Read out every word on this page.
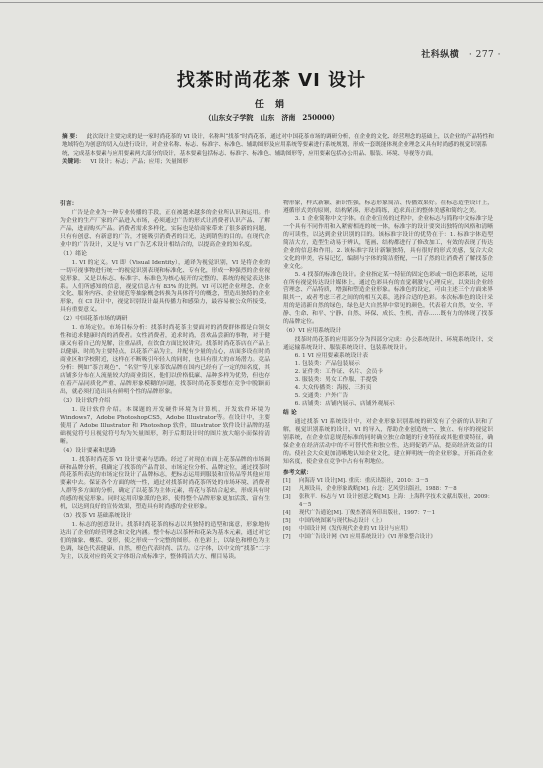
社科纵横 · 277 ·
找茶时尚花茶 VI 设计
任 娟
（山东女子学院　山东　济南　250000）
摘 要： 此次设计主要完成的是一家时尚花茶的 VI 设计，名称叫“找茶”时尚花茶，通过对中国花茶市场的调研分析，在企业的文化、经营理念的基础上，以企业的产品特性和地域特色为创意的切入点进行设计，对企业名称、标志、标准字、标准色、辅助图形及应用系统等要素进行系统规划，形成一套既能体现企业理念又具有时尚感的视觉识别系统，完成基本要素与应用要素两大部分的设计，基本要素包括标志、标准字、标准色、辅助图形等，应用要素包括办公用品、服装、环境、导视等方面。
关键词： VI 设计；标志；产品；应用；矢量图形

引言：

广告是企业为一种专业传播的手段，正在被越来越多的企业所认识和运用。作为企业的生产厂家的产品进入市场，必须通过广告的形式让消费者认识产品、了解产品，进而购买产品。消费者需求多样化，实际也是给商家带来了很多新的问题，只有有创意、有新意的广告，才能吸引消费者的目光，达到销售的目的。在现代企业中的广告设计，又是与 VI 广告艺术设计相结合的，以提高企业的知名度。

（1）绪论

1. VI 的定义。VI 即（Visual Identity），通译为视觉识别，VI 是将企业的一切可视事物进行统一的视觉识别表现和标准化、专有化，形成一种强烈的企业视觉形象，又是以标志、标准字、标准色为核心展开的完整的、系统的视觉表达体系。人们所感知的信息，视觉信息占有 83% 的比例。VI 可以把企业理念、企业文化、服务内容、企业规范等抽象概念转换为具体符号的概念，塑造出独特的企业形象，在 CI 设计中，视觉识别设计最具传播力和感染力，最容易被公众所接受，具有重要意义。

（2）中国花茶市场的调研

1. 市场定位。市场目标分析：找茶时尚花茶主要面对的消费群体都是白领女性和追求健康时尚的消费者。女性消费者，追求时尚，喜欢品尝新的事物，对于健康又有着自己的见解，注重品质，在饮食方面比较讲究。找茶时尚花茶店在产品上以健康、时尚为主要特点，以花茶产品为主，并配有少量的点心，店面多设在时尚商业区和学校附近，这样在不断吸引年轻人的同时，也具有很大的市场潜力。竞品分析：例如“茶言观色”、“名堂”等几家茶饮品牌在国内已经有了一定的知名度，其店铺多分布在人流量较大的商业街区，他们以价格低廉、品种多样为优势，但也存在着产品同质化严重、品牌形象模糊的问题，找茶时尚花茶要想在竞争中脱颖而出，就必须打造出具有鲜明个性的品牌形象。

（3）设计软件介绍

1. 设计软件介绍。本课题的开发硬件环境为计算机，开发软件环境为 Windows7，Adobe PhotoshopCS5，Adobe Illustrator等。在设计中，主要使用了 Adobe Illustrator 和 Photoshop 软件，Illustrator 软件设计品牌的基础视觉符号且视觉符号均为矢量图形，利于后期设计时的图片放大缩小而保持清晰。

（4）设计要素和思路

1. 找茶时尚花茶 VI 设计要素与思路。经过了对现在市面上花茶品牌的市场调研和品牌分析，我确定了找茶的产品背景、市场定位分析、品牌定位，通过找茶时尚花茶所表达的市场定位设计了品牌标志，把标志运用到服装和宣传品等其他应用要素中去。保证各个方面的统一性，通过对找茶时尚花茶所处的市场环境、消费者人群等多方面的分析，确定了以花茶为主体元素，将花与茶结合起来，形成具有时尚感的视觉形象。同时运用印象派的色彩，使得整个品牌形象更加活泼、富有生机，以达到良好的宣传效果，塑造具有时尚感的企业形象。

（5）找茶 VI 基础系统设计

1. 标志的创意设计。找茶时尚花茶的标志以其独特的造型和寓意，形象地传达出了企业的经营理念和文化内涵。整个标志以茶杯和花朵为基本元素，通过对它们的抽象、概括、变形，使之形成一个完整的图形。在色彩上，以绿色和橙色为主色调，绿色代表健康、自然，橙色代表时尚、活力。②字体，以中文的“找茶”二字为主，以及对应的英文字体组合成标准字，整体简洁大方、醒目易读。

物形象，样式新颖、新识性强，标志形象简洁、传播效果好。在标志造型设计上，遵循形式美的原则，结构紧凑、形态简练，追求真正的整体美感和简约之美。

3. 1 企业简称中文字体。在企业宣传的过程中，企业标志与简称中文标准字是一个具有不同作用和入紧密相连的统一体，标准字的设计要突出独特的风格和清晰的可读性，以达到企业识别的目的。该标准字设计的优势在于：1. 标准字体造型简洁大方，造型生动易于辨认，笔画、结构都进行了修改加工，有效的表现了传达企业的信息和作用。2. 该标准字设计新颖独特，具有很好的形式美感，复合大众文化的审美，容易记忆，编制与字体的简洁搭配，一目了然的让消费者了解找茶企业文化。

5. 4 找茶的标准色设计。企业指定某一特征的固定色彩或一组色彩系统，运用在所有视觉传达设计媒体上，通过色彩具有的直觉刺激与心理反应，以突出企业经营理念、产品特质，增强和塑造企业形象。标准色的设定，可由主述三个方面来界限其一，或者考虑三者之间的的相互关系，选择合适的色彩。本次标准色的设计采用的是清新自然的绿色，绿色是大自然界中常见的颜色，代表着大自然，安全、平静、生命、和平、宁静、自然、环保、成长、生机、青春……既有力的体现了找茶的品牌定位。

（6）VI 应用系统设计

找茶时尚花茶的应用部分分为四部分完成：办公系统设计、环境系统设计、交通运输系统设计、服装系统设计、包装系统设计。

6. 1 VI 应用要素系统设计表

1. 包装类：产品包装展示

2. 证件类：工作证、名片、会员卡

3. 服装类：男女工作服、手提袋

4. 大众传播类：海报、三折页

5. 交通类：户外广告

6. 店铺类：店铺内展示、店铺外观展示

结 论

通过找茶 VI 系统设计中，对企业形象识别系统的研发有了全新的认识和了解，视觉识别系统的设计，VI 的导入，帮助企业创造统一、独立、有序的视觉识别系统，在企业信息规范标准的同时确立独立命题的行业特征或其他重要特征，确保企业在经济活动中的不可替代性和独立性，达到促销产品，提高经济效益的目的。使社会大众更加清晰地认知企业文化，建立鲜明统一的企业形象，开拓商企业知名度，使企业在竞争中占有有利地位。

参考文献：

[1] 向海涛 VI 设计[M]. 重庆：重庆出版社，2010：3－5

[2] 凡厥设具，企业形象战略[M]. 台北：艺风堂出版社，1988：7－8

[3] 张秋平．标志与 VI 设计创意之略[M]. 上海：上海科学技术文献出版社，2009：4－5

[4] 现代广告通论[M]. 丁俊杰著商务印出版社，1997：7－1

[5] 中国传统图案与现代标志设计（上）

[6] 中国设计网《发传现代企业的 VI 设计与应用》

[7] 中国广告设计网《VI 应用系统设计》《VI 形象整合设计》
